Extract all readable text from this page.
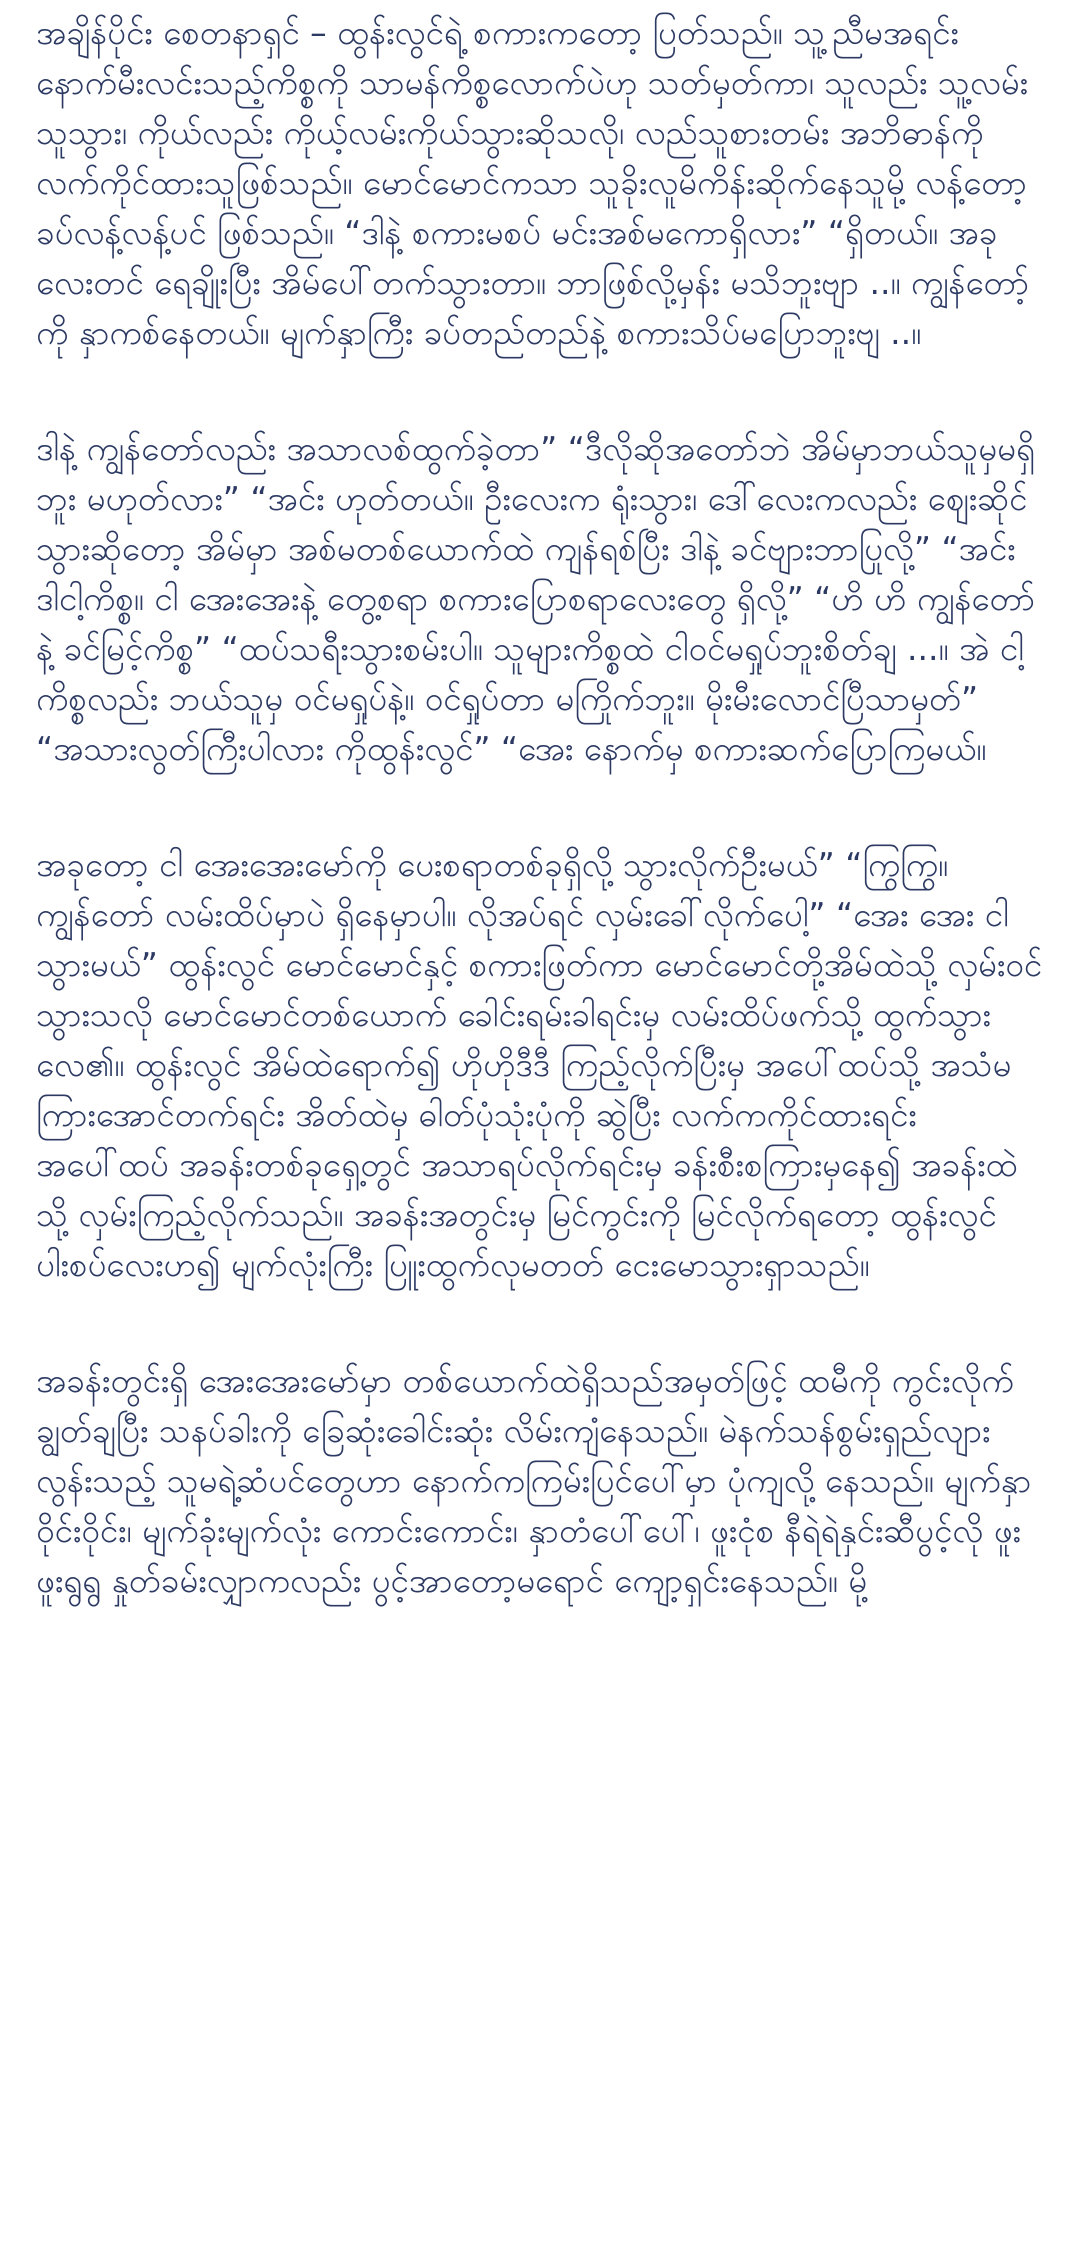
အချိန်ပိုင်း စေတနာရှင် – ထွန်းလွင်ရဲ့ စကားကတော့ ပြတ်သည်။ သူ့ညီမအရင်း နောက်မီးလင်းသည့်ကိစ္စကို သာမန်ကိစ္စလောက်ပဲဟု သတ်မှတ်ကာ၊ သူလည်း သူ့လမ်းသူသွား၊ ကိုယ်လည်း ကိုယ့်လမ်းကိုယ်သွားဆိုသလို၊ လည်သူစားတမ်း အဘိဓာန်ကို လက်ကိုင်ထားသူဖြစ်သည်။ မောင်မောင်ကသာ သူခိုးလူမိကိန်းဆိုက်နေသူမို့ လန့်တော့ ခပ်လန့်လန့်ပင် ဖြစ်သည်။ “ဒါနဲ့ စကားမစပ် မင်းအစ်မကောရှိလား” “ရှိတယ်။ အခုလေးတင် ရေချိုးပြီး အိမ်ပေါ်တက်သွားတာ။ ဘာဖြစ်လို့မှန်း မသိဘူးဗျာ ..။ ကျွန်တော့်ကို နှာကစ်နေတယ်။ မျက်နှာကြီး ခပ်တည်တည်နဲ့ စကားသိပ်မပြောဘူးဗျ ..။

ဒါနဲ့ ကျွန်တော်လည်း အသာလစ်ထွက်ခဲ့တာ” “ဒီလိုဆိုအတော်ဘဲ အိမ်မှာဘယ်သူမှမရှိဘူး မဟုတ်လား” “အင်း ဟုတ်တယ်။ ဦးလေးက ရုံးသွား၊ ဒေါ်လေးကလည်း ဈေးဆိုင်သွားဆိုတော့ အိမ်မှာ အစ်မတစ်ယောက်ထဲ ကျန်ရစ်ပြီး ဒါနဲ့ ခင်ဗျားဘာပြုလို့” “အင်း ဒါငါ့ကိစ္စ။ ငါ အေးအေးနဲ့ တွေ့စရာ စကားပြောစရာလေးတွေ ရှိလို့” “ဟိ ဟိ ကျွန်တော်နဲ့ ခင်မြင့်ကိစ္စ” “ထပ်သရီးသွားစမ်းပါ။ သူများကိစ္စထဲ ငါဝင်မရှုပ်ဘူးစိတ်ချ ...။ အဲ ငါ့ကိစ္စလည်း ဘယ်သူမှ ဝင်မရှုပ်နဲ့။ ဝင်ရှုပ်တာ မကြိုက်ဘူး။ မိုးမီးလောင်ပြီသာမှတ်” “အသားလွတ်ကြီးပါလား ကိုထွန်းလွင်” “အေး နောက်မှ စကားဆက်ပြောကြမယ်။

အခုတော့ ငါ အေးအေးမော်ကို ပေးစရာတစ်ခုရှိလို့ သွားလိုက်ဦးမယ်” “ကြွကြွ။ ကျွန်တော် လမ်းထိပ်မှာပဲ ရှိနေမှာပါ။ လိုအပ်ရင် လှမ်းခေါ်လိုက်ပေါ့” “အေး အေး ငါသွားမယ်” ထွန်းလွင် မောင်မောင်နှင့် စကားဖြတ်ကာ မောင်မောင်တို့အိမ်ထဲသို့ လှမ်းဝင်သွားသလို မောင်မောင်တစ်ယောက် ခေါင်းရမ်းခါရင်းမှ လမ်းထိပ်ဖက်သို့ ထွက်သွားလေ၏။ ထွန်းလွင် အိမ်ထဲရောက်၍ ဟိုဟိုဒီဒီ ကြည့်လိုက်ပြီးမှ အပေါ်ထပ်သို့ အသံမကြားအောင်တက်ရင်း အိတ်ထဲမှ ဓါတ်ပုံသုံးပုံကို ဆွဲပြီး လက်ကကိုင်ထားရင်း အပေါ်ထပ် အခန်းတစ်ခုရှေ့တွင် အသာရပ်လိုက်ရင်းမှ ခန်းစီးစကြားမှနေ၍ အခန်းထဲသို့ လှမ်းကြည့်လိုက်သည်။ အခန်းအတွင်းမှ မြင်ကွင်းကို မြင်လိုက်ရတော့ ထွန်းလွင် ပါးစပ်လေးဟ၍ မျက်လုံးကြီး ပြူးထွက်လုမတတ် ငေးမောသွားရှာသည်။

အခန်းတွင်းရှိ အေးအေးမော်မှာ တစ်ယောက်ထဲရှိသည်အမှတ်ဖြင့် ထမီကို ကွင်းလိုက်ချွတ်ချပြီး သနပ်ခါးကို ခြေဆုံးခေါင်းဆုံး လိမ်းကျံနေသည်။ မဲနက်သန်စွမ်းရှည်လျားလွန်းသည့် သူမရဲ့ဆံပင်တွေဟာ နောက်ကကြမ်းပြင်ပေါ်မှာ ပုံကျလို့ နေသည်။ မျက်နှာဝိုင်းဝိုင်း၊ မျက်ခုံးမျက်လုံး ကောင်းကောင်း၊ နှာတံပေါ်ပေါ်၊ ဖူးငုံစ နီရဲရဲနှင်းဆီပွင့်လို ဖူးဖူးရွရွ နှုတ်ခမ်းလျှာကလည်း ပွင့်အာတော့မရောင် ကျော့ရှင်းနေသည်။ မို့
